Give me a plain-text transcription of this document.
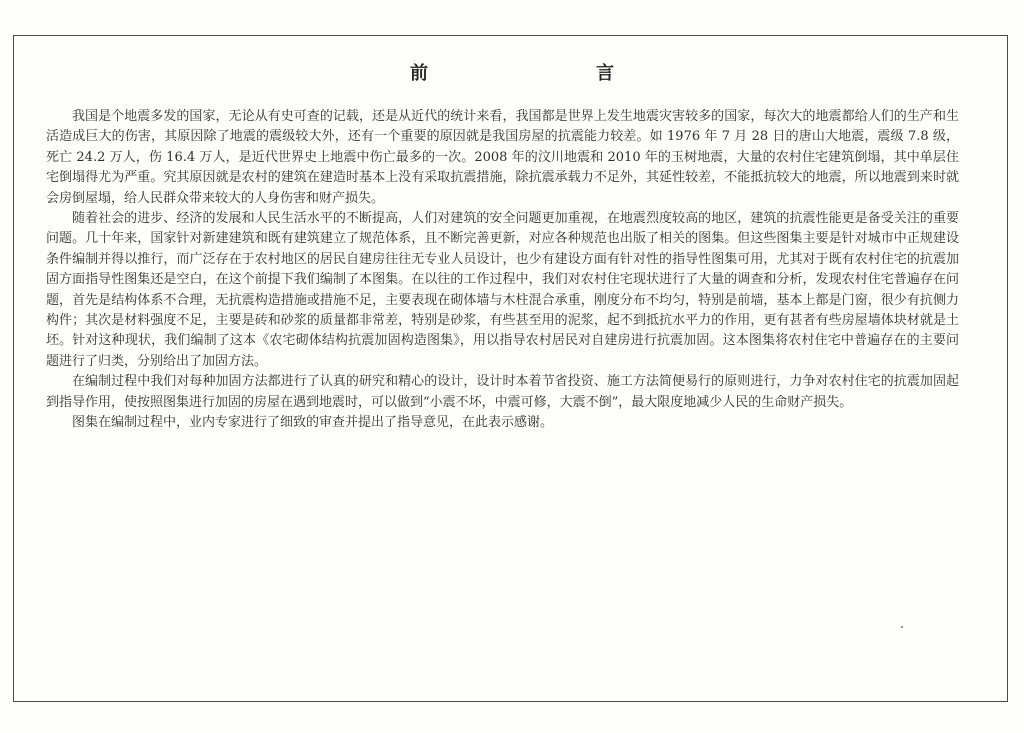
前　　言

我国是个地震多发的国家，无论从有史可查的记载，还是从近代的统计来看，我国都是世界上发生地震灾害较多的国家，每次大的地震都给人们的生产和生活造成巨大的伤害，其原因除了地震的震级较大外，还有一个重要的原因就是我国房屋的抗震能力较差。如 1976 年 7 月 28 日的唐山大地震，震级 7.8 级，死亡 24.2 万人，伤 16.4 万人，是近代世界史上地震中伤亡最多的一次。2008 年的汶川地震和 2010 年的玉树地震，大量的农村住宅建筑倒塌，其中单层住宅倒塌得尤为严重。究其原因就是农村的建筑在建造时基本上没有采取抗震措施，除抗震承载力不足外，其延性较差，不能抵抗较大的地震，所以地震到来时就会房倒屋塌，给人民群众带来较大的人身伤害和财产损失。

随着社会的进步、经济的发展和人民生活水平的不断提高，人们对建筑的安全问题更加重视，在地震烈度较高的地区，建筑的抗震性能更是备受关注的重要问题。几十年来，国家针对新建建筑和既有建筑建立了规范体系，且不断完善更新，对应各种规范也出版了相关的图集。但这些图集主要是针对城市中正规建设条件编制并得以推行，而广泛存在于农村地区的居民自建房往往无专业人员设计，也少有建设方面有针对性的指导性图集可用，尤其对于既有农村住宅的抗震加固方面指导性图集还是空白，在这个前提下我们编制了本图集。在以往的工作过程中，我们对农村住宅现状进行了大量的调查和分析，发现农村住宅普遍存在问题，首先是结构体系不合理，无抗震构造措施或措施不足，主要表现在砌体墙与木柱混合承重，刚度分布不均匀，特别是前墙，基本上都是门窗，很少有抗侧力构件；其次是材料强度不足，主要是砖和砂浆的质量都非常差，特别是砂浆，有些甚至用的泥浆，起不到抵抗水平力的作用，更有甚者有些房屋墙体块材就是土坯。针对这种现状，我们编制了这本《农宅砌体结构抗震加固构造图集》，用以指导农村居民对自建房进行抗震加固。这本图集将农村住宅中普遍存在的主要问题进行了归类，分别给出了加固方法。

在编制过程中我们对每种加固方法都进行了认真的研究和精心的设计，设计时本着节省投资、施工方法简便易行的原则进行，力争对农村住宅的抗震加固起到指导作用，使按照图集进行加固的房屋在遇到地震时，可以做到“小震不坏，中震可修，大震不倒”，最大限度地减少人民的生命财产损失。

图集在编制过程中，业内专家进行了细致的审查并提出了指导意见，在此表示感谢。
